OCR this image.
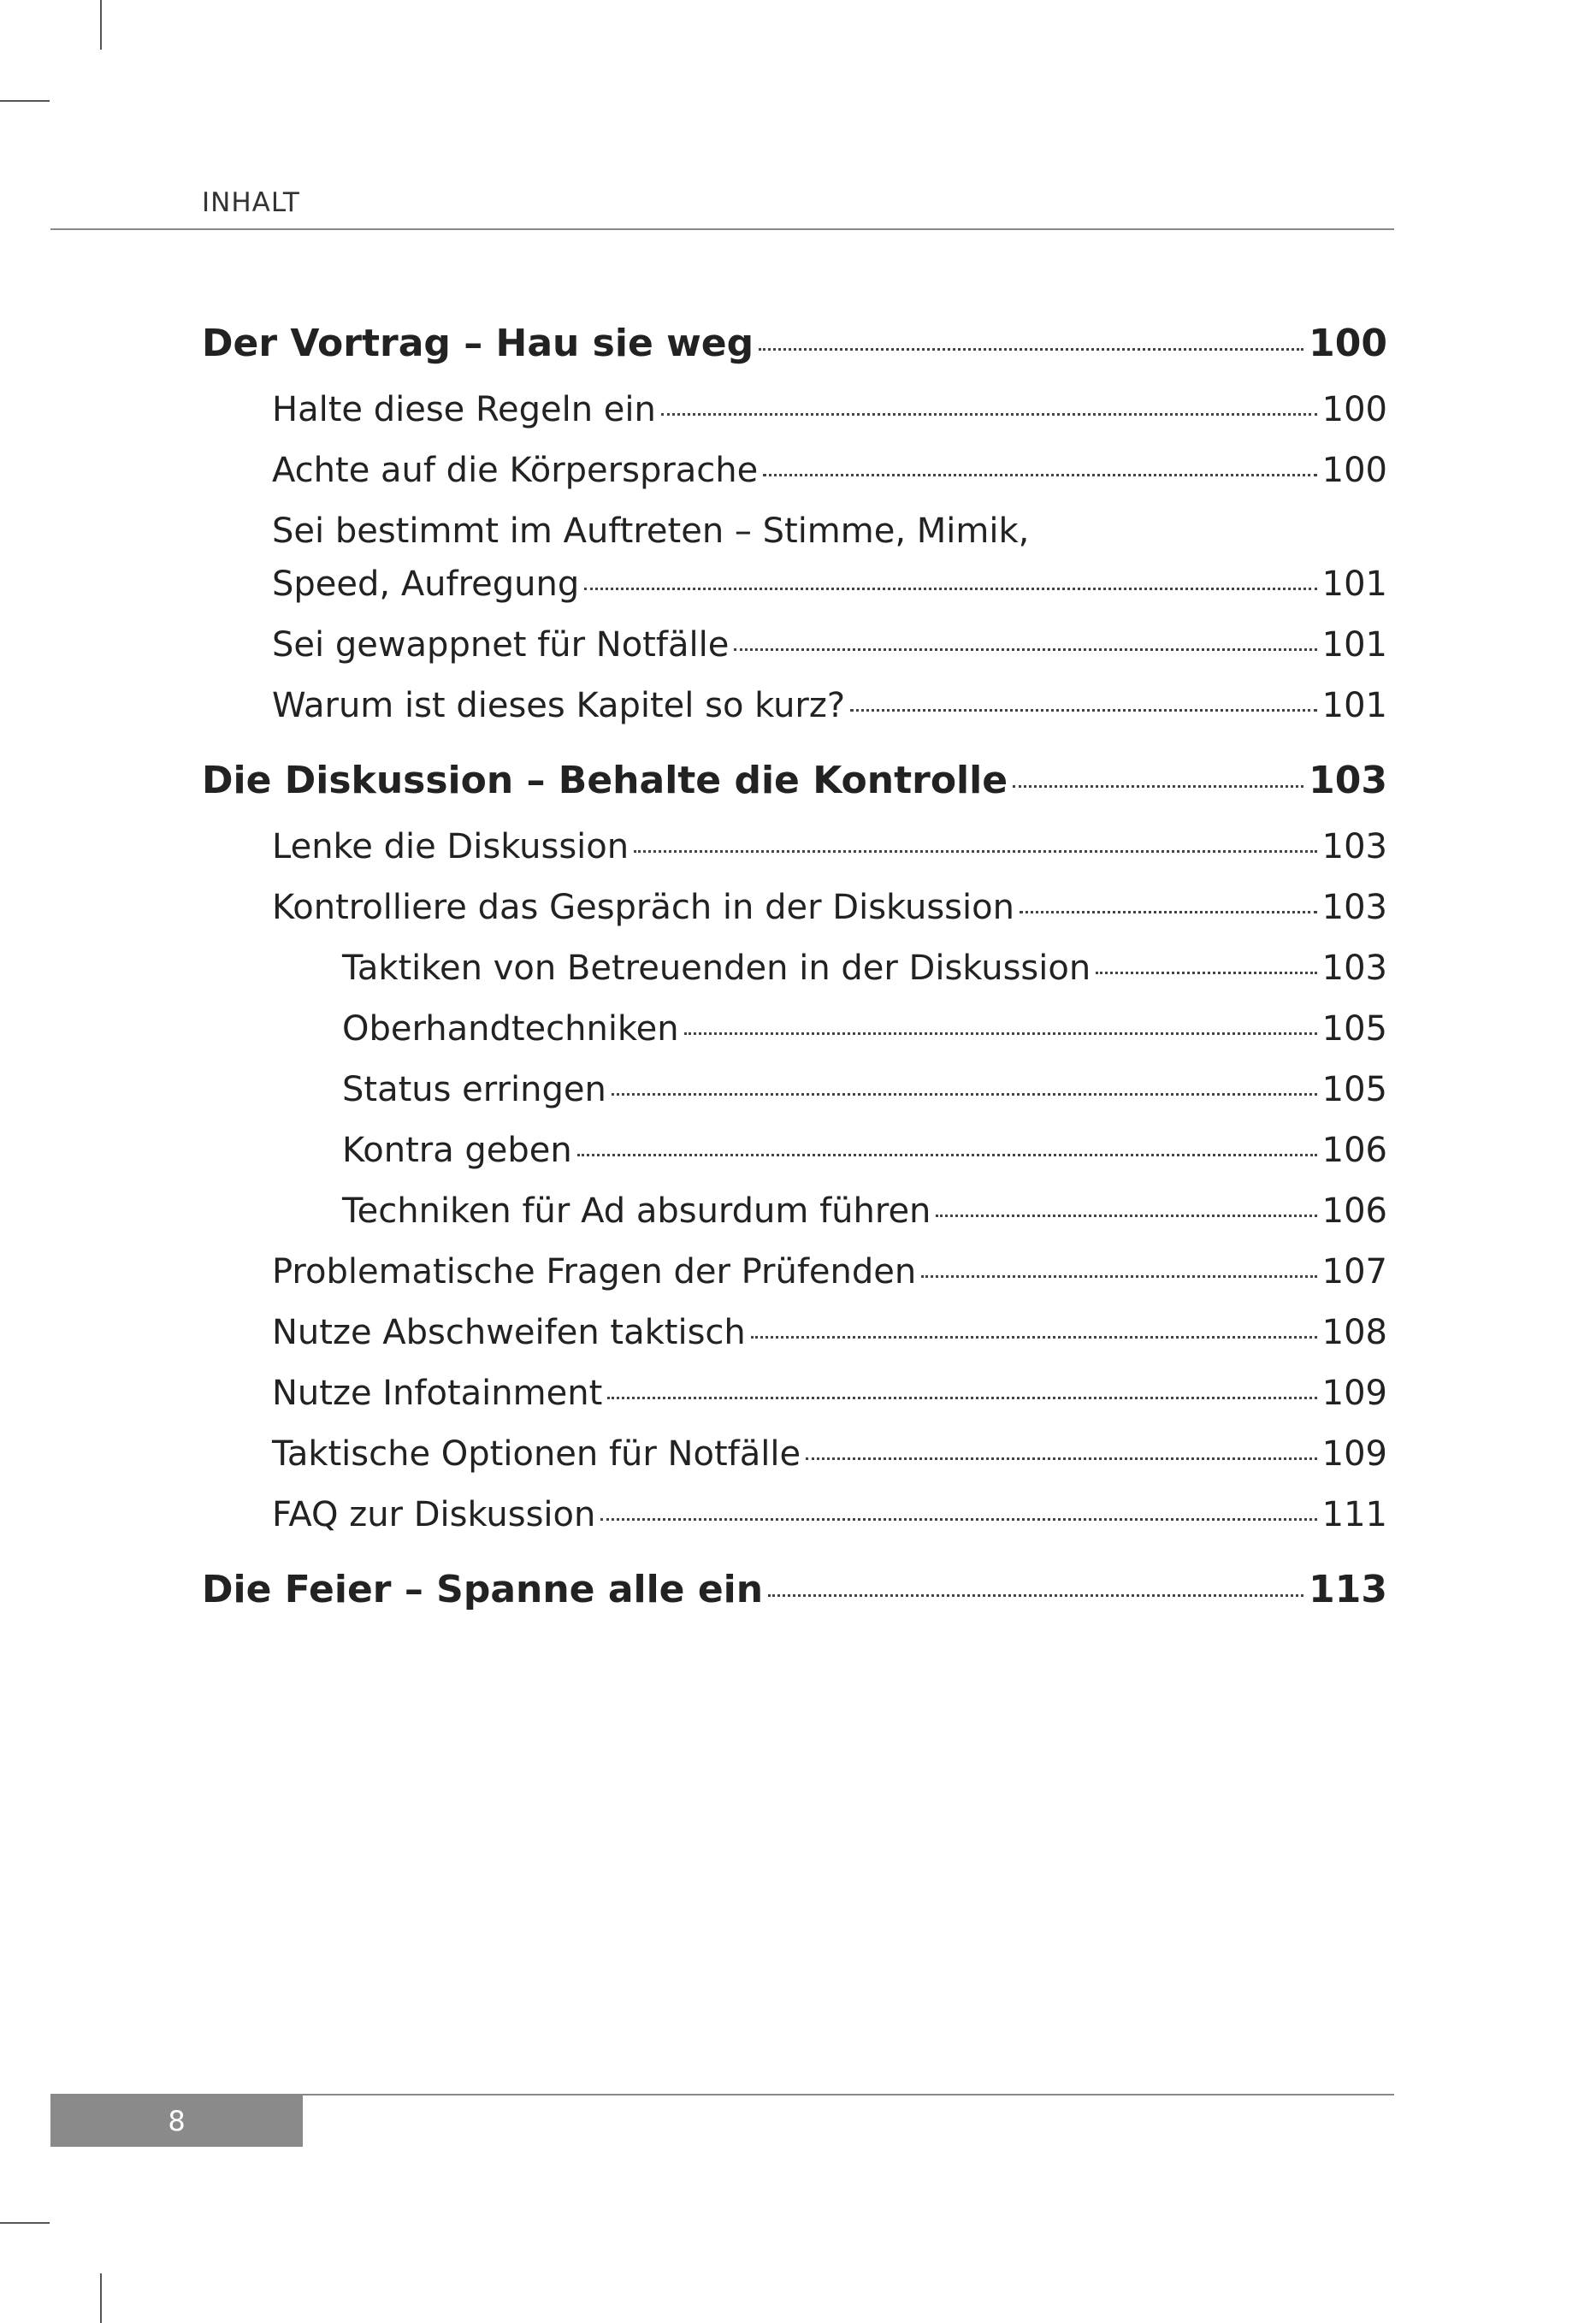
INHALT
Der Vortrag – Hau sie weg	100
Halte diese Regeln ein	100
Achte auf die Körpersprache	100
Sei bestimmt im Auftreten – Stimme, Mimik,
Speed, Aufregung	101
Sei gewappnet für Notfälle	101
Warum ist dieses Kapitel so kurz?	101
Die Diskussion – Behalte die Kontrolle	103
Lenke die Diskussion	103
Kontrolliere das Gespräch in der Diskussion	103
Taktiken von Betreuenden in der Diskussion	103
Oberhandtechniken	105
Status erringen	105
Kontra geben	106
Techniken für Ad absurdum führen	106
Problematische Fragen der Prüfenden	107
Nutze Abschweifen taktisch	108
Nutze Infotainment	109
Taktische Optionen für Notfälle	109
FAQ zur Diskussion	111
Die Feier – Spanne alle ein	113
8
